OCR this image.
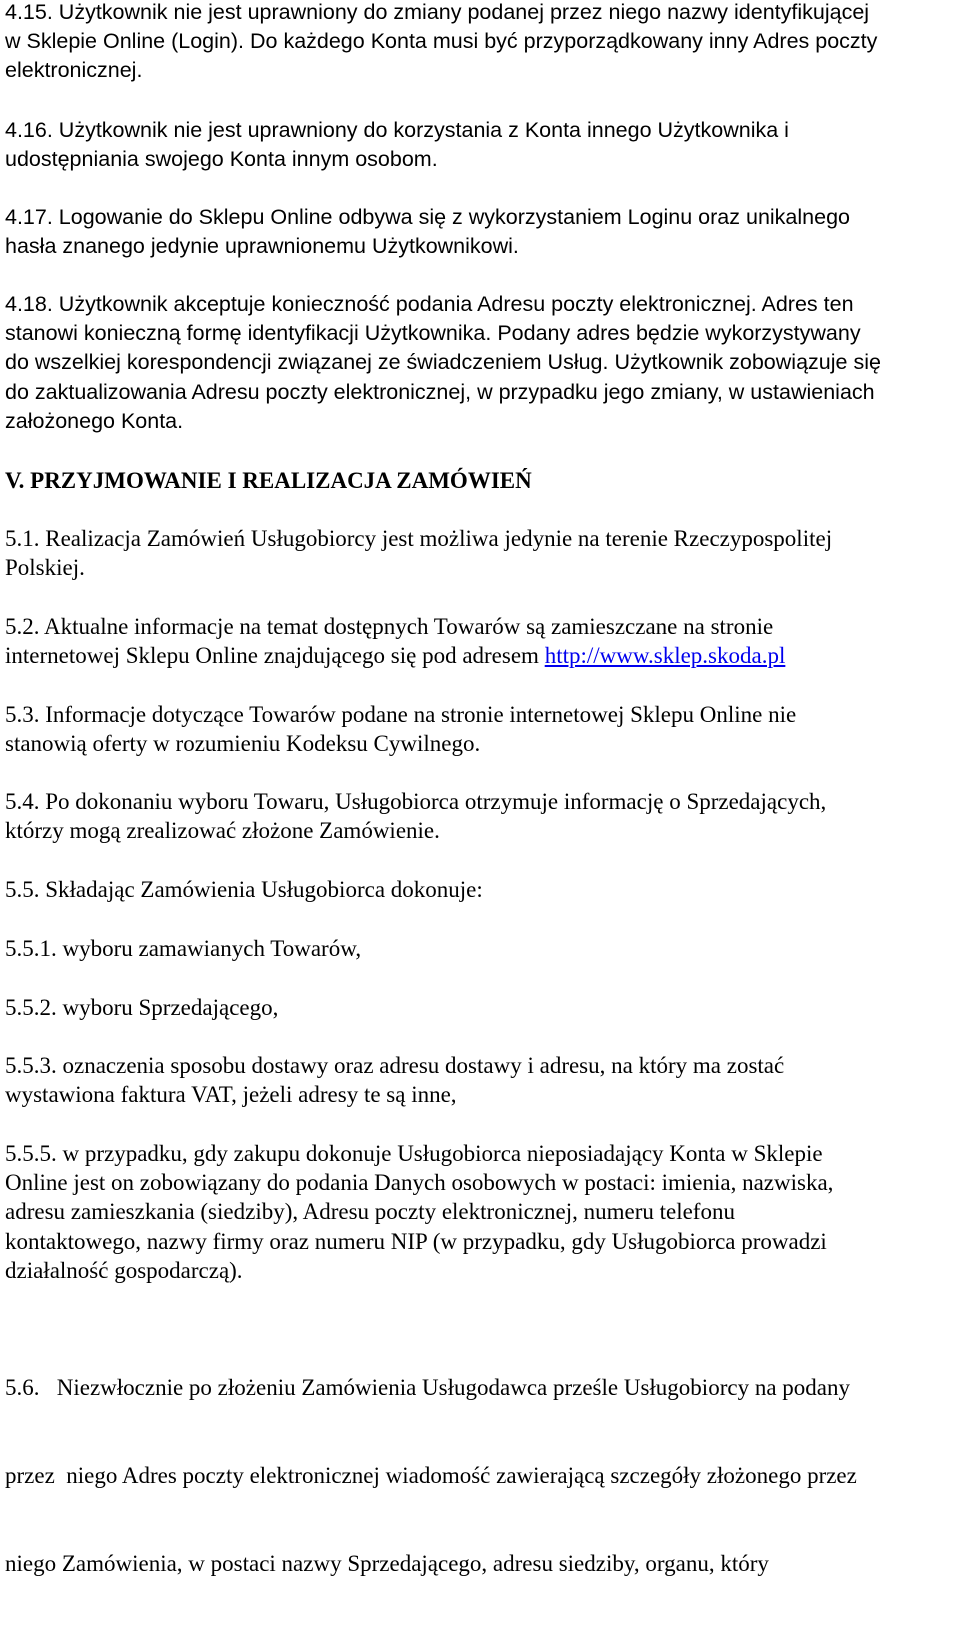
4.15. Użytkownik nie jest uprawniony do zmiany podanej przez niego nazwy identyfikującej
w Sklepie Online (Login). Do każdego Konta musi być przyporządkowany inny Adres poczty
elektronicznej.

4.16. Użytkownik nie jest uprawniony do korzystania z Konta innego Użytkownika i
udostępniania swojego Konta innym osobom.

4.17. Logowanie do Sklepu Online odbywa się z wykorzystaniem Loginu oraz unikalnego
hasła znanego jedynie uprawnionemu Użytkownikowi.

4.18. Użytkownik akceptuje konieczność podania Adresu poczty elektronicznej. Adres ten
stanowi konieczną formę identyfikacji Użytkownika. Podany adres będzie wykorzystywany
do wszelkiej korespondencji związanej ze świadczeniem Usług. Użytkownik zobowiązuje się
do zaktualizowania Adresu poczty elektronicznej, w przypadku jego zmiany, w ustawieniach
założonego Konta.

V. PRZYJMOWANIE I REALIZACJA ZAMÓWIEŃ

5.1. Realizacja Zamówień Usługobiorcy jest możliwa jedynie na terenie Rzeczypospolitej
Polskiej.

5.2. Aktualne informacje na temat dostępnych Towarów są zamieszczane na stronie
internetowej Sklepu Online znajdującego się pod adresem http://www.sklep.skoda.pl

5.3. Informacje dotyczące Towarów podane na stronie internetowej Sklepu Online nie
stanowią oferty w rozumieniu Kodeksu Cywilnego.

5.4. Po dokonaniu wyboru Towaru, Usługobiorca otrzymuje informację o Sprzedających,
którzy mogą zrealizować złożone Zamówienie.

5.5. Składając Zamówienia Usługobiorca dokonuje:

5.5.1. wyboru zamawianych Towarów,

5.5.2. wyboru Sprzedającego,

5.5.3. oznaczenia sposobu dostawy oraz adresu dostawy i adresu, na który ma zostać
wystawiona faktura VAT, jeżeli adresy te są inne,

5.5.5. w przypadku, gdy zakupu dokonuje Usługobiorca nieposiadający Konta w Sklepie
Online jest on zobowiązany do podania Danych osobowych w postaci: imienia, nazwiska,
adresu zamieszkania (siedziby), Adresu poczty elektronicznej, numeru telefonu
kontaktowego, nazwy firmy oraz numeru NIP (w przypadku, gdy Usługobiorca prowadzi
działalność gospodarczą).

5.6.   Niezwłocznie po złożeniu Zamówienia Usługodawca prześle Usługobiorcy na podany

przez  niego Adres poczty elektronicznej wiadomość zawierającą szczegóły złożonego przez

niego Zamówienia, w postaci nazwy Sprzedającego, adresu siedziby, organu, który
